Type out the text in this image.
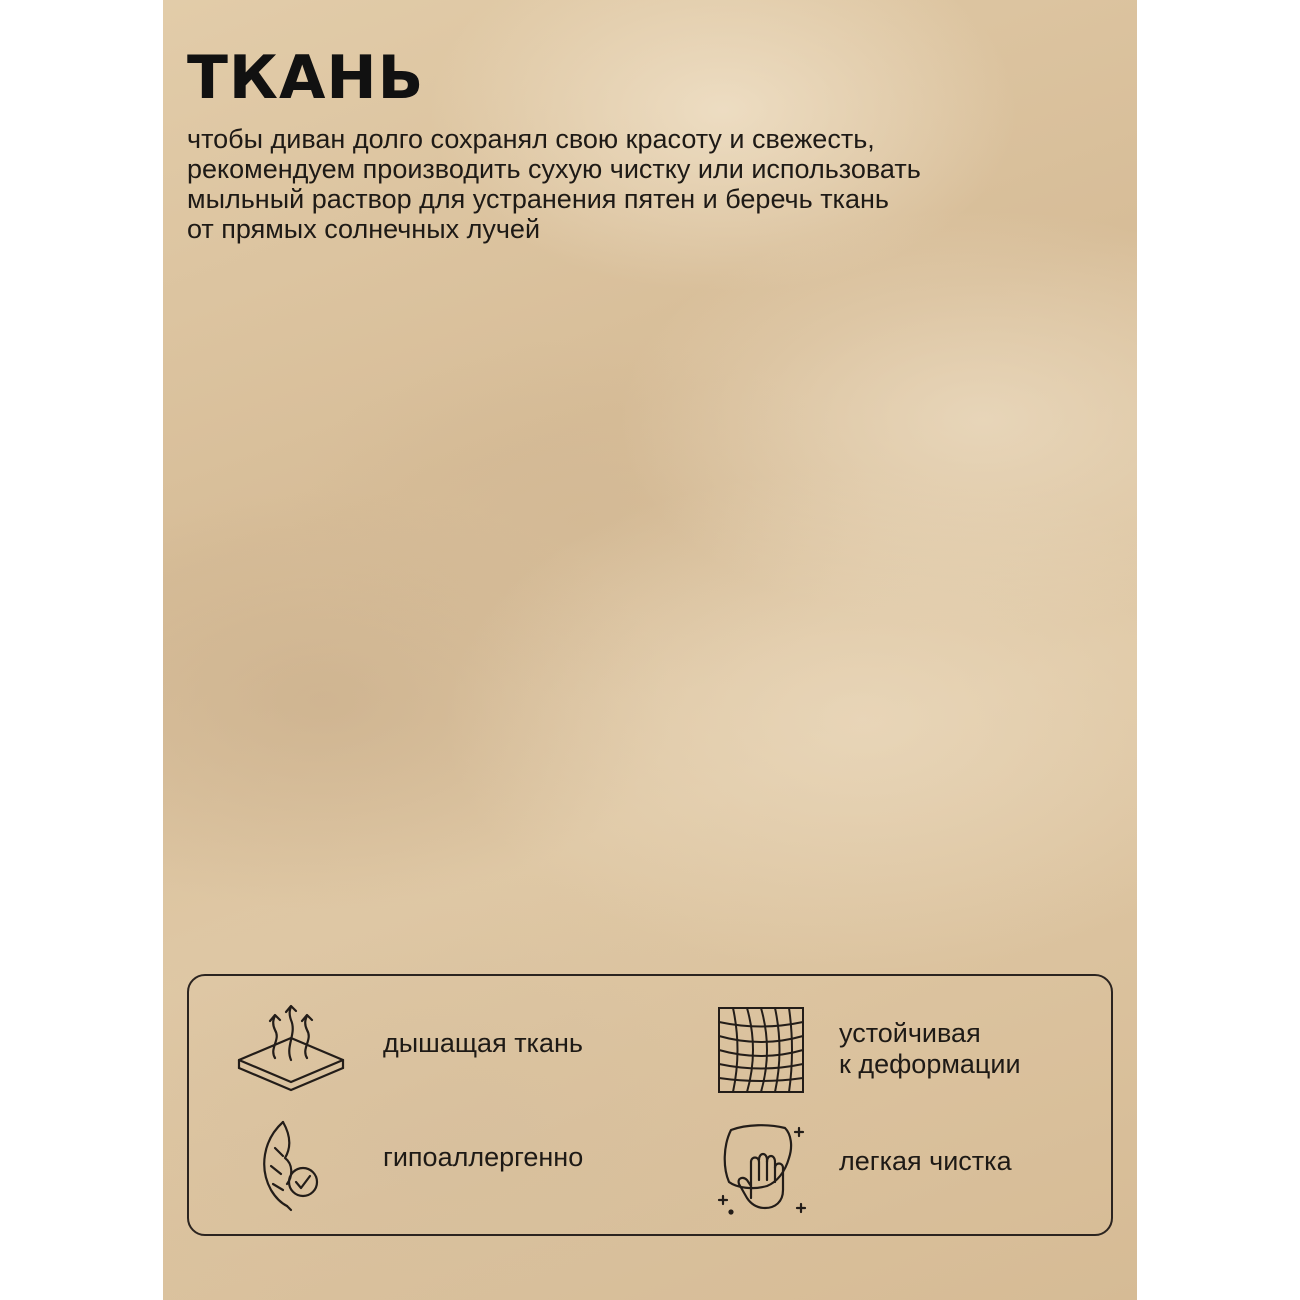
ТКАНЬ
чтобы диван долго сохранял свою красоту и свежесть,
рекомендуем производить сухую чистку или использовать
мыльный раствор для устранения пятен и беречь ткань
от прямых солнечных лучей
дышащая ткань	устойчивая
к деформации
гипоаллергенно	легкая чистка
